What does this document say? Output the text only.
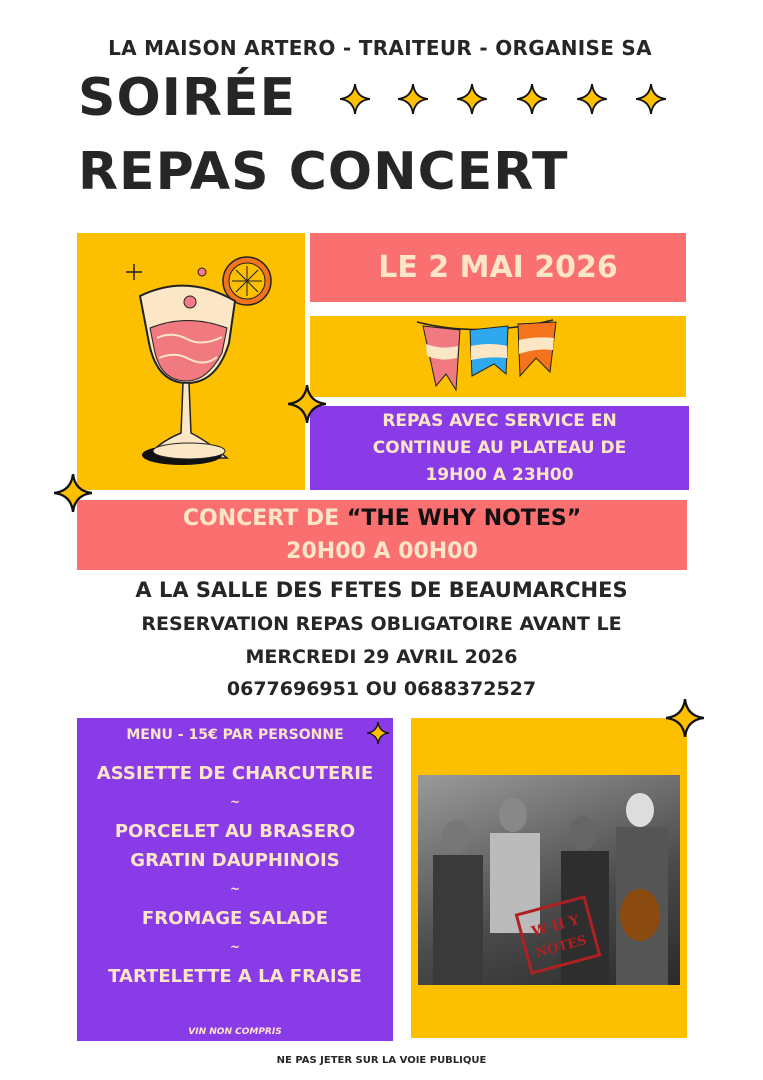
LA MAISON ARTERO - TRAITEUR - ORGANISE SA
SOIRÉE
REPAS CONCERT
LE 2 MAI 2026
REPAS AVEC SERVICE EN
CONTINUE AU PLATEAU DE
19H00 A 23H00
CONCERT DE “THE WHY NOTES”
20H00 A 00H00
A LA SALLE DES FETES DE BEAUMARCHES
RESERVATION REPAS OBLIGATOIRE AVANT LE
MERCREDI 29 AVRIL 2026
0677696951 OU 0688372527
MENU - 15€ PAR PERSONNE
ASSIETTE DE CHARCUTERIE
~
PORCELET AU BRASERO
GRATIN DAUPHINOIS
~
FROMAGE SALADE
~
TARTELETTE A LA FRAISE
VIN NON COMPRIS
W H Y
NOTES
NE PAS JETER SUR LA VOIE PUBLIQUE
